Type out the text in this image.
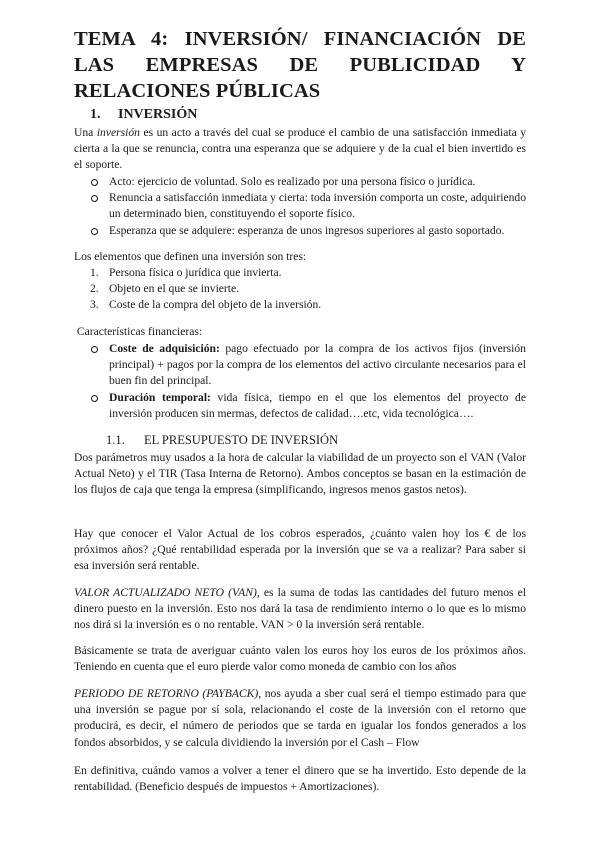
TEMA 4: INVERSIÓN/ FINANCIACIÓN DE LAS EMPRESAS DE PUBLICIDAD Y RELACIONES PÚBLICAS
1. INVERSIÓN
Una inversión es un acto a través del cual se produce el cambio de una satisfacción inmediata y cierta a la que se renuncia, contra una esperanza que se adquiere y de la cual el bien invertido es el soporte.
Acto: ejercicio de voluntad. Solo es realizado por una persona físico o jurídica.
Renuncia a satisfacción inmediata y cierta: toda inversión comporta un coste, adquiriendo un determinado bien, constituyendo el soporte físico.
Esperanza que se adquiere: esperanza de unos ingresos superiores al gasto soportado.
Los elementos que definen una inversión son tres:
1. Persona física o jurídica que invierta.
2. Objeto en el que se invierte.
3. Coste de la compra del objeto de la inversión.
Características financieras:
Coste de adquisición: pago efectuado por la compra de los activos fijos (inversión principal) + pagos por la compra de los elementos del activo circulante necesarios para el buen fin del principal.
Duración temporal: vida física, tiempo en el que los elementos del proyecto de inversión producen sin mermas, defectos de calidad….etc, vida tecnológica….
1.1. EL PRESUPUESTO DE INVERSIÓN
Dos parámetros muy usados a la hora de calcular la viabilidad de un proyecto son el VAN (Valor Actual Neto) y el TIR (Tasa Interna de Retorno). Ambos conceptos se basan en la estimación de los flujos de caja que tenga la empresa (simplificando, ingresos menos gastos netos).
Hay que conocer el Valor Actual de los cobros esperados, ¿cuánto valen hoy los € de los próximos años? ¿Qué rentabilidad esperada por la inversión que se va a realizar? Para saber si esa inversión será rentable.
VALOR ACTUALIZADO NETO (VAN), es la suma de todas las cantidades del futuro menos el dinero puesto en la inversión. Esto nos dará la tasa de rendimiento interno o lo que es lo mismo nos dirá si la inversión es o no rentable. VAN > 0 la inversión será rentable.
Básicamente se trata de averiguar cuánto valen los euros hoy los euros de los próximos años. Teniendo en cuenta que el euro pierde valor como moneda de cambio con los años
PERIODO DE RETORNO (PAYBACK), nos ayuda a sber cual será el tiempo estimado para que una inversión se pague por sí sola, relacionando el coste de la inversión con el retorno que producirá, es decir, el número de periodos que se tarda en igualar los fondos generados a los fondos absorbidos, y se calcula dividiendo la inversión por el Cash – Flow
En definitiva, cuándo vamos a volver a tener el dinero que se ha invertido. Esto depende de la rentabilidad. (Beneficio después de impuestos + Amortizaciones).
